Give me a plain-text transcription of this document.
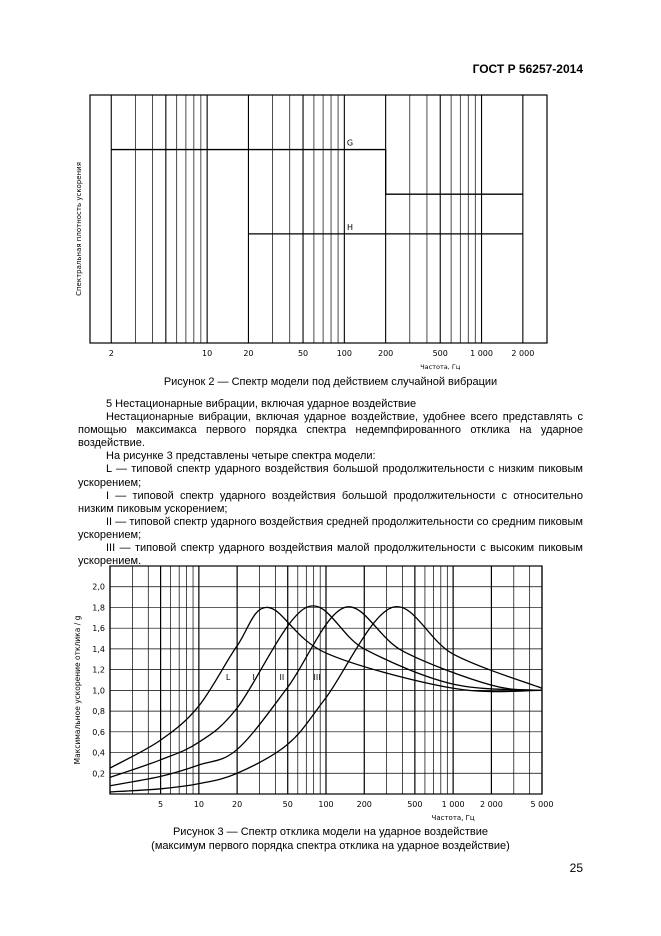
ГОСТ Р 56257-2014
2	10	20	50	100	200	500	1 000 2 000
Частота, Гц
Спектральная плотность ускорения
G
H
Рисунок 2 — Спектр модели под действием случайной вибрации

5 Нестационарные вибрации, включая ударное воздействие

Нестационарные вибрации, включая ударное воздействие, удобнее всего представлять с помощью максимакса первого порядка спектра недемпфированного отклика на ударное воздействие.

На рисунке 3 представлены четыре спектра модели:

L — типовой спектр ударного воздействия большой продолжительности с низким пиковым ускорением;

I — типовой спектр ударного воздействия большой продолжительности с относительно низким пиковым ускорением;

II — типовой спектр ударного воздействия средней продолжительности со средним пиковым ускорением;

III — типовой спектр ударного воздействия малой продолжительности с высоким пиковым ускорением.

0,2
0,4
0,6
0,8
1,0
1,2
1,4
1,6
1,8
2,0
5	10	20	50	100	200	500 1 000 2 000	5 000
Частота, Гц
Максимальное ускорение отклика / g	L	I	II	III
Рисунок 3 — Спектр отклика модели на ударное воздействие
(максимум первого порядка спектра отклика на ударное воздействие)
25
